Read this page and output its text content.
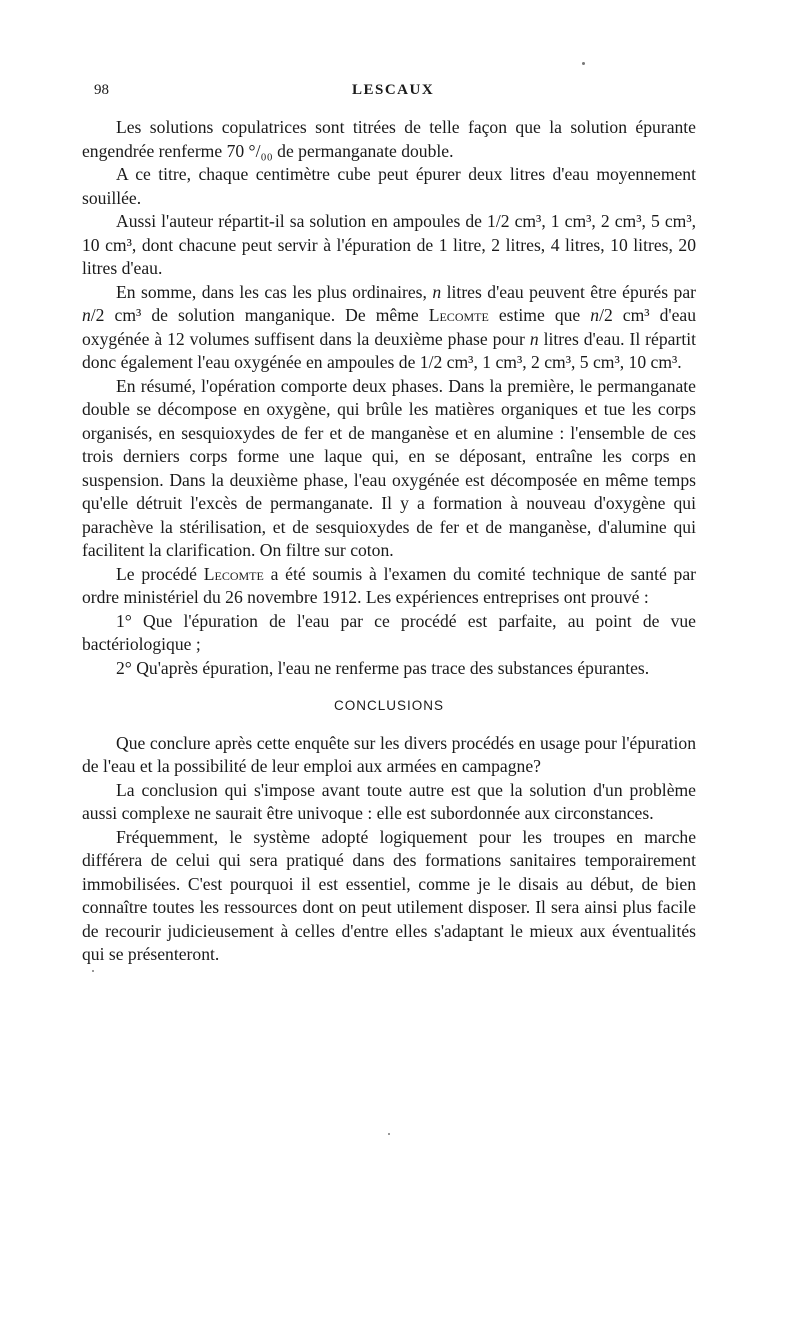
98	LESCAUX

Les solutions copulatrices sont titrées de telle façon que la solution épurante engendrée renferme 70 °/₀₀ de permanganate double.

A ce titre, chaque centimètre cube peut épurer deux litres d'eau moyennement souillée.

Aussi l'auteur répartit-il sa solution en ampoules de 1/2 cm³, 1 cm³, 2 cm³, 5 cm³, 10 cm³, dont chacune peut servir à l'épuration de 1 litre, 2 litres, 4 litres, 10 litres, 20 litres d'eau.

En somme, dans les cas les plus ordinaires, n litres d'eau peuvent être épurés par n/2 cm³ de solution manganique. De même Lecomte estime que n/2 cm³ d'eau oxygénée à 12 volumes suffisent dans la deuxième phase pour n litres d'eau. Il répartit donc également l'eau oxygénée en ampoules de 1/2 cm³, 1 cm³, 2 cm³, 5 cm³, 10 cm³.

En résumé, l'opération comporte deux phases. Dans la première, le permanganate double se décompose en oxygène, qui brûle les matières organiques et tue les corps organisés, en sesquioxydes de fer et de manganèse et en alumine : l'ensemble de ces trois derniers corps forme une laque qui, en se déposant, entraîne les corps en suspension. Dans la deuxième phase, l'eau oxygénée est décomposée en même temps qu'elle détruit l'excès de permanganate. Il y a formation à nouveau d'oxygène qui parachève la stérilisation, et de sesquioxydes de fer et de manganèse, d'alumine qui facilitent la clarification. On filtre sur coton.

Le procédé Lecomte a été soumis à l'examen du comité technique de santé par ordre ministériel du 26 novembre 1912. Les expériences entreprises ont prouvé :

1° Que l'épuration de l'eau par ce procédé est parfaite, au point de vue bactériologique ;

2° Qu'après épuration, l'eau ne renferme pas trace des substances épurantes.

CONCLUSIONS

Que conclure après cette enquête sur les divers procédés en usage pour l'épuration de l'eau et la possibilité de leur emploi aux armées en campagne?

La conclusion qui s'impose avant toute autre est que la solution d'un problème aussi complexe ne saurait être univoque : elle est subordonnée aux circonstances.

Fréquemment, le système adopté logiquement pour les troupes en marche différera de celui qui sera pratiqué dans des formations sanitaires temporairement immobilisées. C'est pourquoi il est essentiel, comme je le disais au début, de bien connaître toutes les ressources dont on peut utilement disposer. Il sera ainsi plus facile de recourir judicieusement à celles d'entre elles s'adaptant le mieux aux éventualités qui se présenteront.
